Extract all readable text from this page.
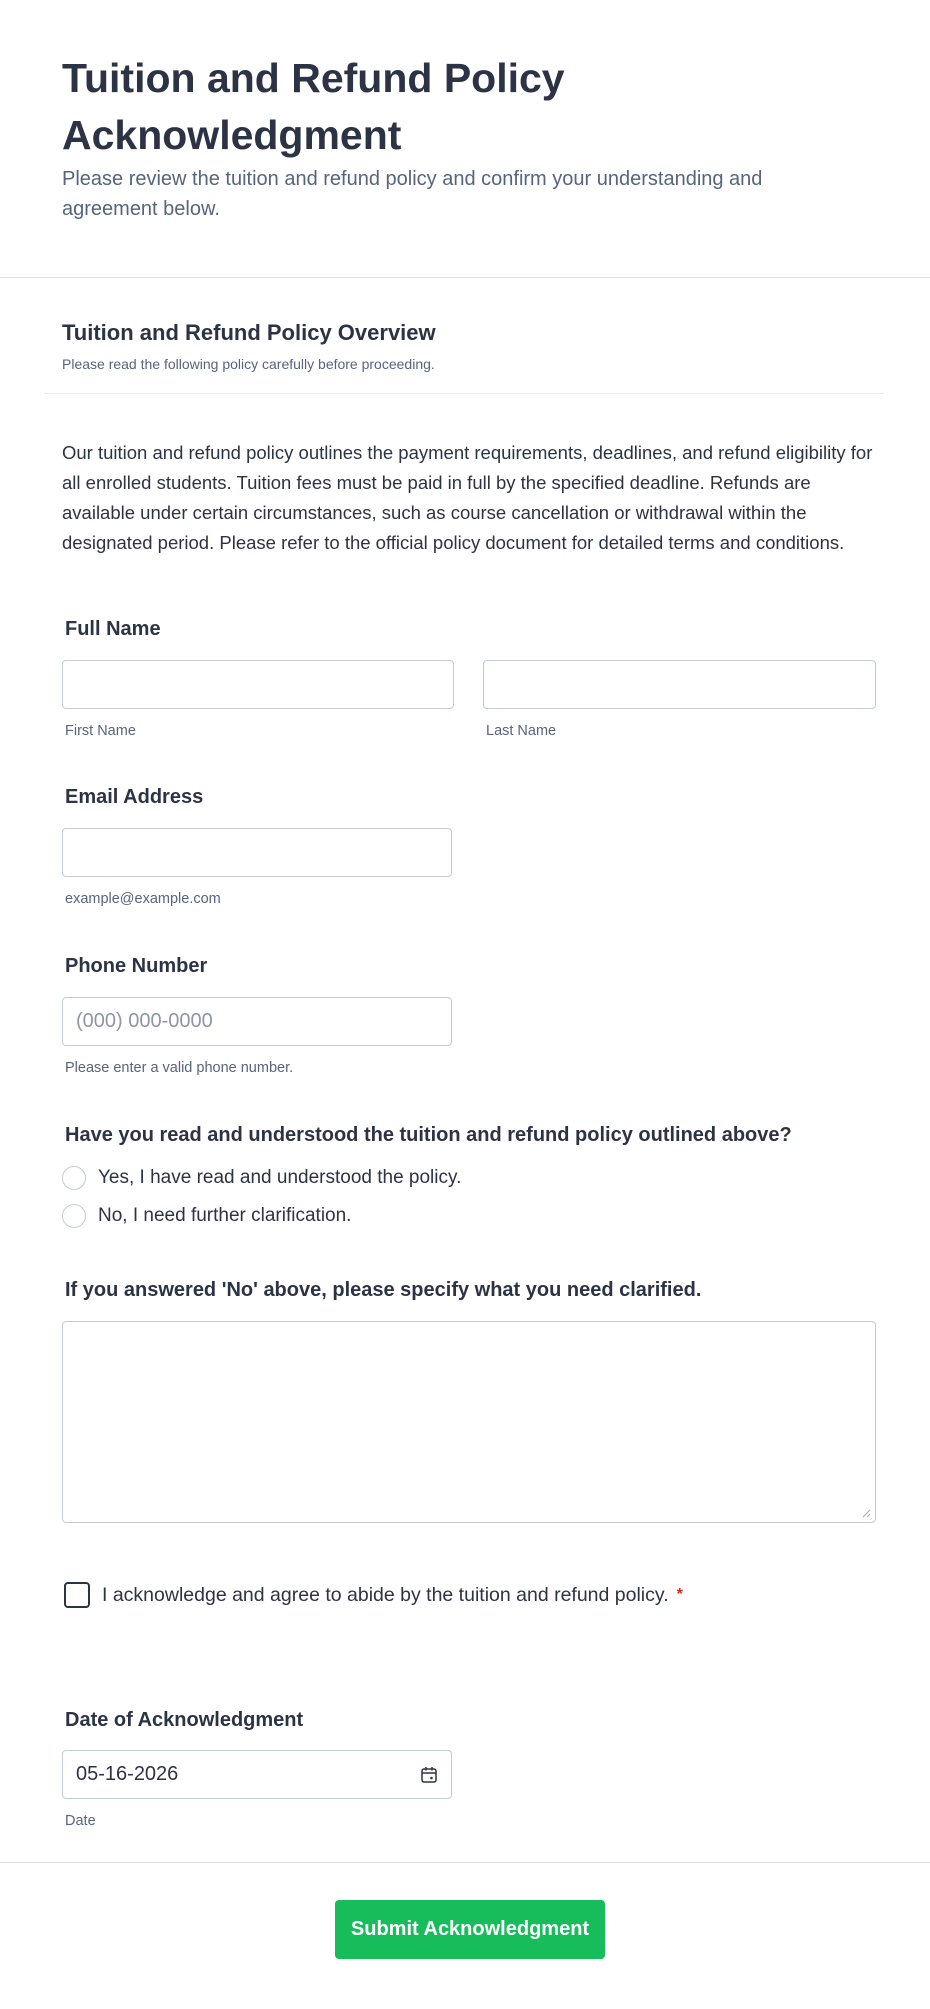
Tuition and Refund Policy Acknowledgment

Please review the tuition and refund policy and confirm your understanding and agreement below.

Tuition and Refund Policy Overview

Please read the following policy carefully before proceeding.

Our tuition and refund policy outlines the payment requirements, deadlines, and refund eligibility for all enrolled students. Tuition fees must be paid in full by the specified deadline. Refunds are available under certain circumstances, such as course cancellation or withdrawal within the designated period. Please refer to the official policy document for detailed terms and conditions.

Full Name
First Name	Last Name
Email Address
example@example.com
Phone Number
(000) 000-0000
Please enter a valid phone number.
Have you read and understood the tuition and refund policy outlined above?
Yes, I have read and understood the policy.
No, I need further clarification.
If you answered 'No' above, please specify what you need clarified.
I acknowledge and agree to abide by the tuition and refund policy. *
Date of Acknowledgment
05-16-2026
Date
Submit Acknowledgment
